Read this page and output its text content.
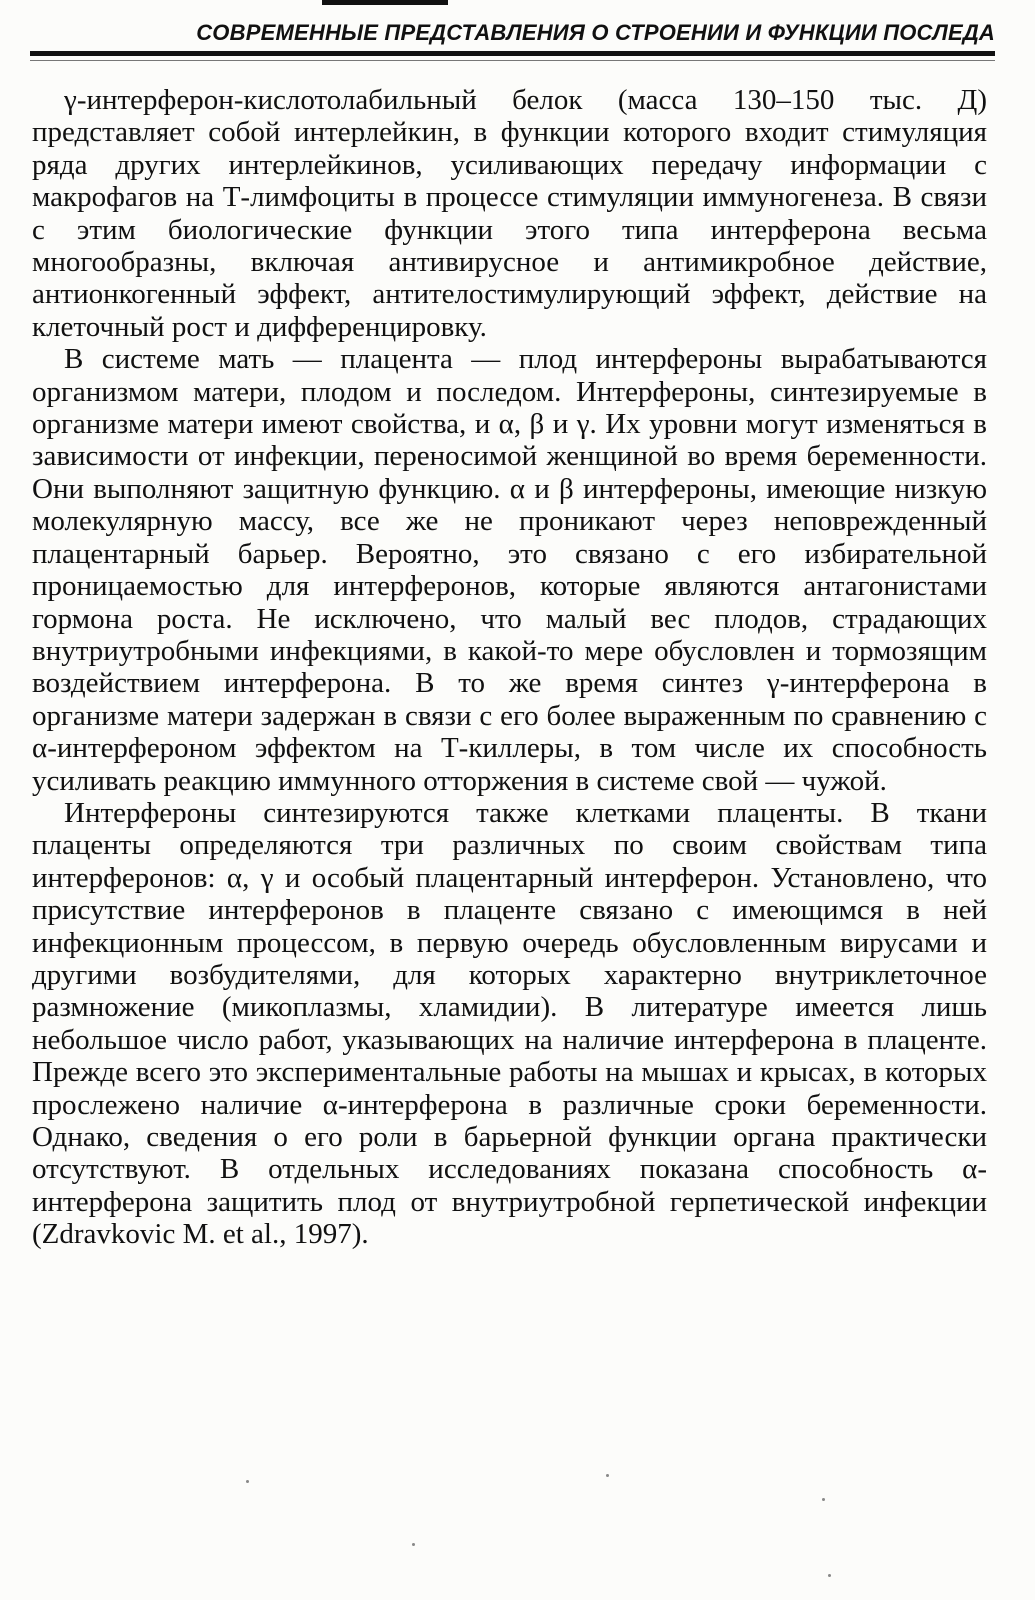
СОВРЕМЕННЫЕ ПРЕДСТАВЛЕНИЯ О СТРОЕНИИ И ФУНКЦИИ ПОСЛЕДА

γ-интерферон-кислотолабильный белок (масса 130–150 тыс. Д) представляет собой интерлейкин, в функции которого входит стимуляция ряда других интерлейкинов, усиливающих передачу информации с макрофагов на Т-лимфоциты в процессе стимуляции иммуногенеза. В связи с этим биологические функции этого типа интерферона весьма многообразны, включая антивирусное и антимикробное действие, антионкогенный эффект, антителостимулирующий эффект, действие на клеточный рост и дифференцировку.

В системе мать — плацента — плод интерфероны вырабатываются организмом матери, плодом и последом. Интерфероны, синтезируемые в организме матери имеют свойства, и α, β и γ. Их уровни могут изменяться в зависимости от инфекции, переносимой женщиной во время беременности. Они выполняют защитную функцию. α и β интерфероны, имеющие низкую молекулярную массу, все же не проникают через неповрежденный плацентарный барьер. Вероятно, это связано с его избирательной проницаемостью для интерферонов, которые являются антагонистами гормона роста. Не исключено, что малый вес плодов, страдающих внутриутробными инфекциями, в какой-то мере обусловлен и тормозящим воздействием интерферона. В то же время синтез γ-интерферона в организме матери задержан в связи с его более выраженным по сравнению с α-интерфероном эффектом на Т-киллеры, в том числе их способность усиливать реакцию иммунного отторжения в системе свой — чужой.

Интерфероны синтезируются также клетками плаценты. В ткани плаценты определяются три различных по своим свойствам типа интерферонов: α, γ и особый плацентарный интерферон. Установлено, что присутствие интерферонов в плаценте связано с имеющимся в ней инфекционным процессом, в первую очередь обусловленным вирусами и другими возбудителями, для которых характерно внутриклеточное размножение (микоплазмы, хламидии). В литературе имеется лишь небольшое число работ, указывающих на наличие интерферона в плаценте. Прежде всего это экспериментальные работы на мышах и крысах, в которых прослежено наличие α-интерферона в различные сроки беременности. Однако, сведения о его роли в барьерной функции органа практически отсутствуют. В отдельных исследованиях показана способность α-интерферона защитить плод от внутриутробной герпетической инфекции (Zdravkovic M. et al., 1997).
